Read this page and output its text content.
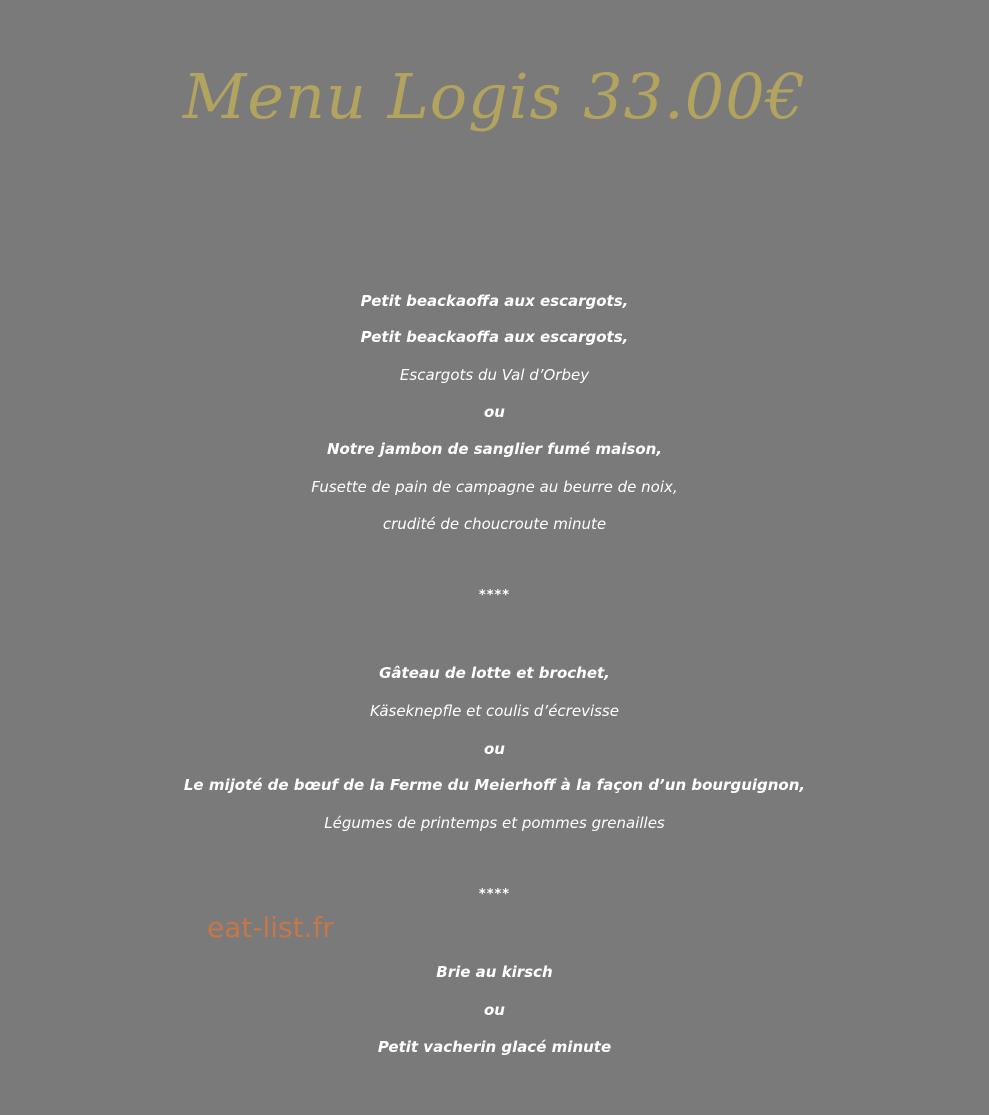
Menu Logis 33.00€
Petit beackaoffa aux escargots,
Petit beackaoffa aux escargots,
Escargots du Val d’Orbey
ou
Notre jambon de sanglier fumé maison,
Fusette de pain de campagne au beurre de noix,
crudité de choucroute minute
****
Gâteau de lotte et brochet,
Käseknepfle et coulis d’écrevisse
ou
Le mijoté de bœuf de la Ferme du Meierhoff à la façon d’un bourguignon,
Légumes de printemps et pommes grenailles
****
eat-list.fr
Brie au kirsch
ou
Petit vacherin glacé minute
